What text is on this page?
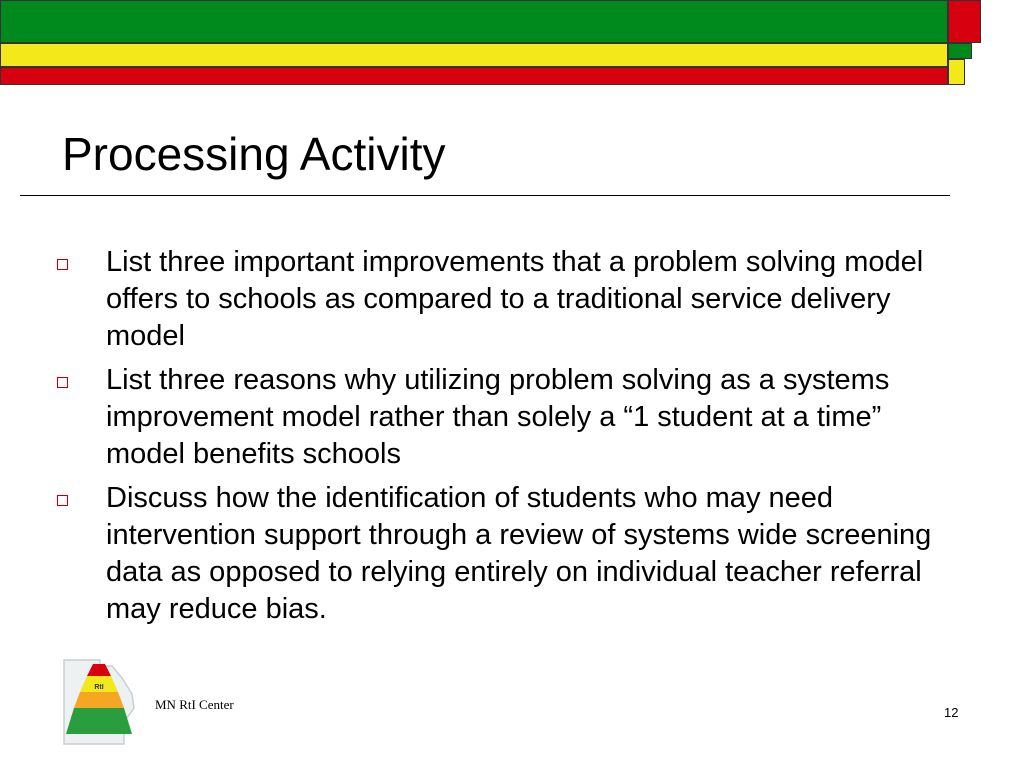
Processing Activity
List three important improvements that a problem solving model offers to schools as compared to a traditional service delivery model
List three reasons why utilizing problem solving as a systems improvement model rather than solely a “1 student at a time” model benefits schools
Discuss how the identification of students who may need intervention support through a review of systems wide screening data as opposed to relying entirely on individual teacher referral may reduce bias.
RtI
MN RtI Center
12
